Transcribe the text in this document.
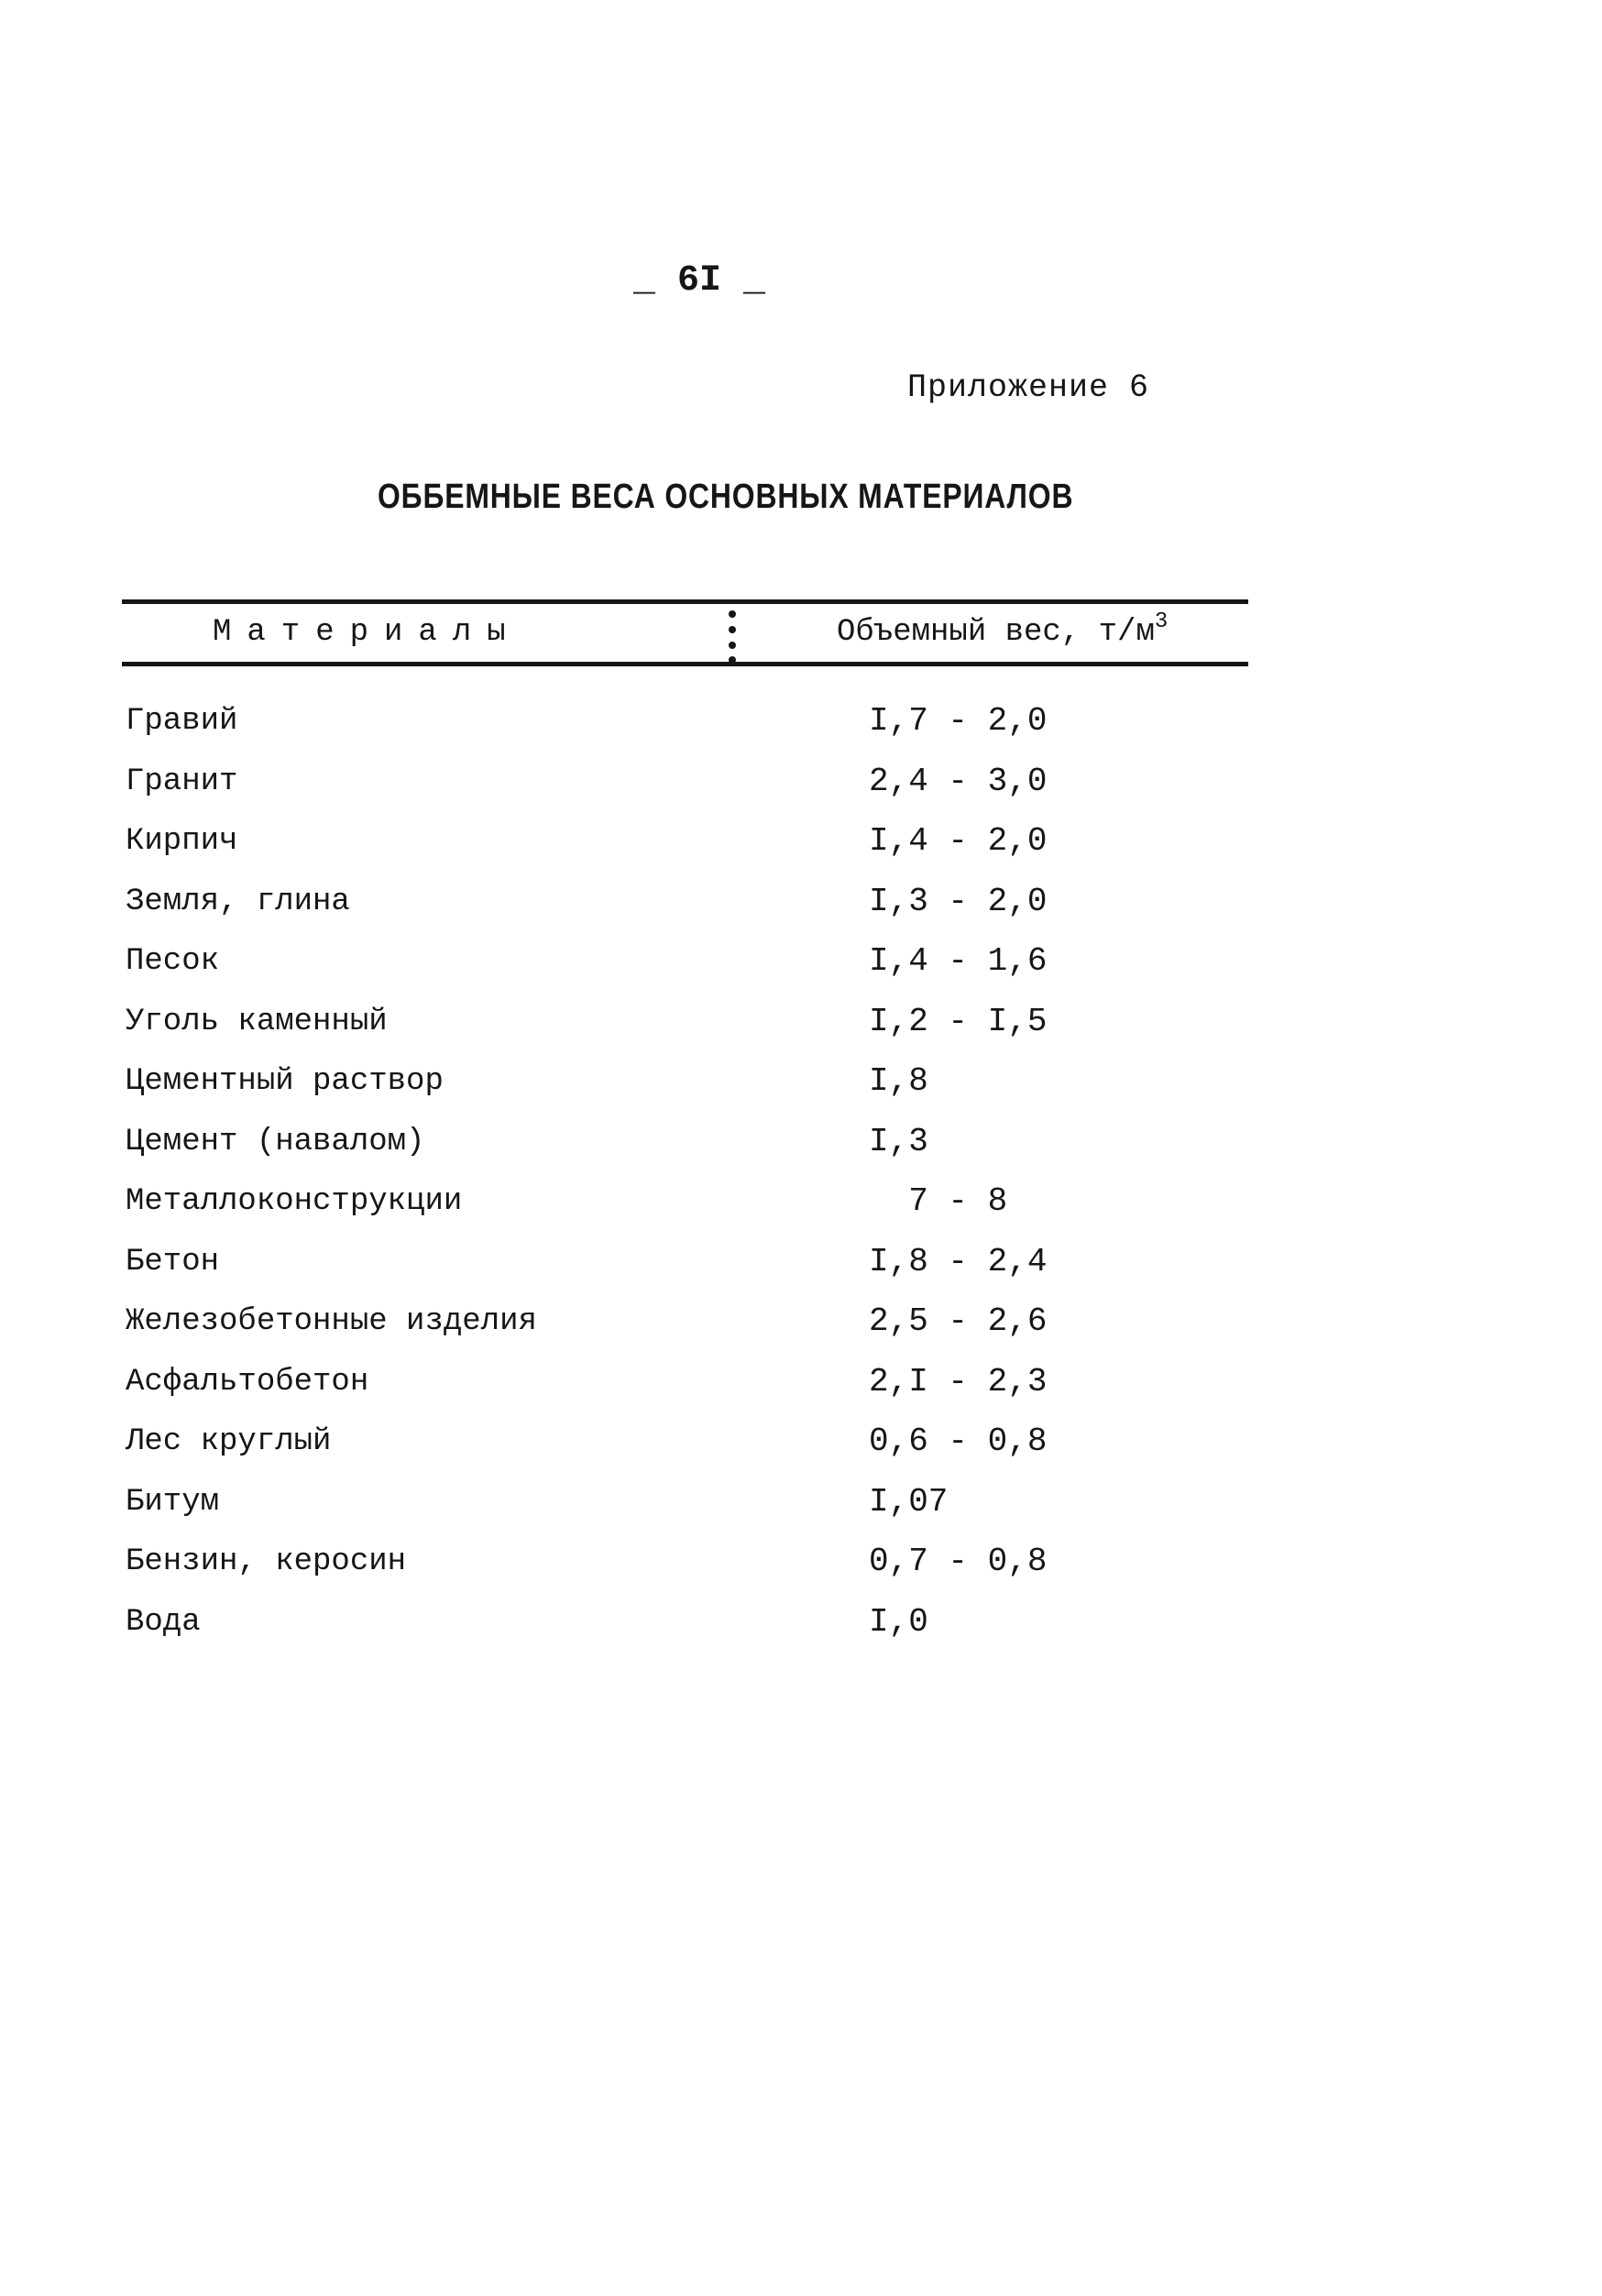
_ 6I _
Приложение 6
ОББЕМНЫЕ ВЕСА ОСНОВНЫХ МАТЕРИАЛОВ
Материалы	Объемный вес, $т/м^3$
Гравий	I,7 - 2,0
Гранит	2,4 - 3,0
Кирпич	I,4 - 2,0
Земля, глина	I,3 - 2,0
Песок	I,4 - 1,6
Уголь каменный	I,2 - I,5
Цементный раствор	I,8
Цемент (навалом)	I,3
Металлоконструкции	7 - 8
Бетон	I,8 - 2,4
Железобетонные изделия	2,5 - 2,6
Асфальтобетон	2,I - 2,3
Лес круглый	0,6 - 0,8
Битум	I,07
Бензин, керосин	0,7 - 0,8
Вода	I,0
